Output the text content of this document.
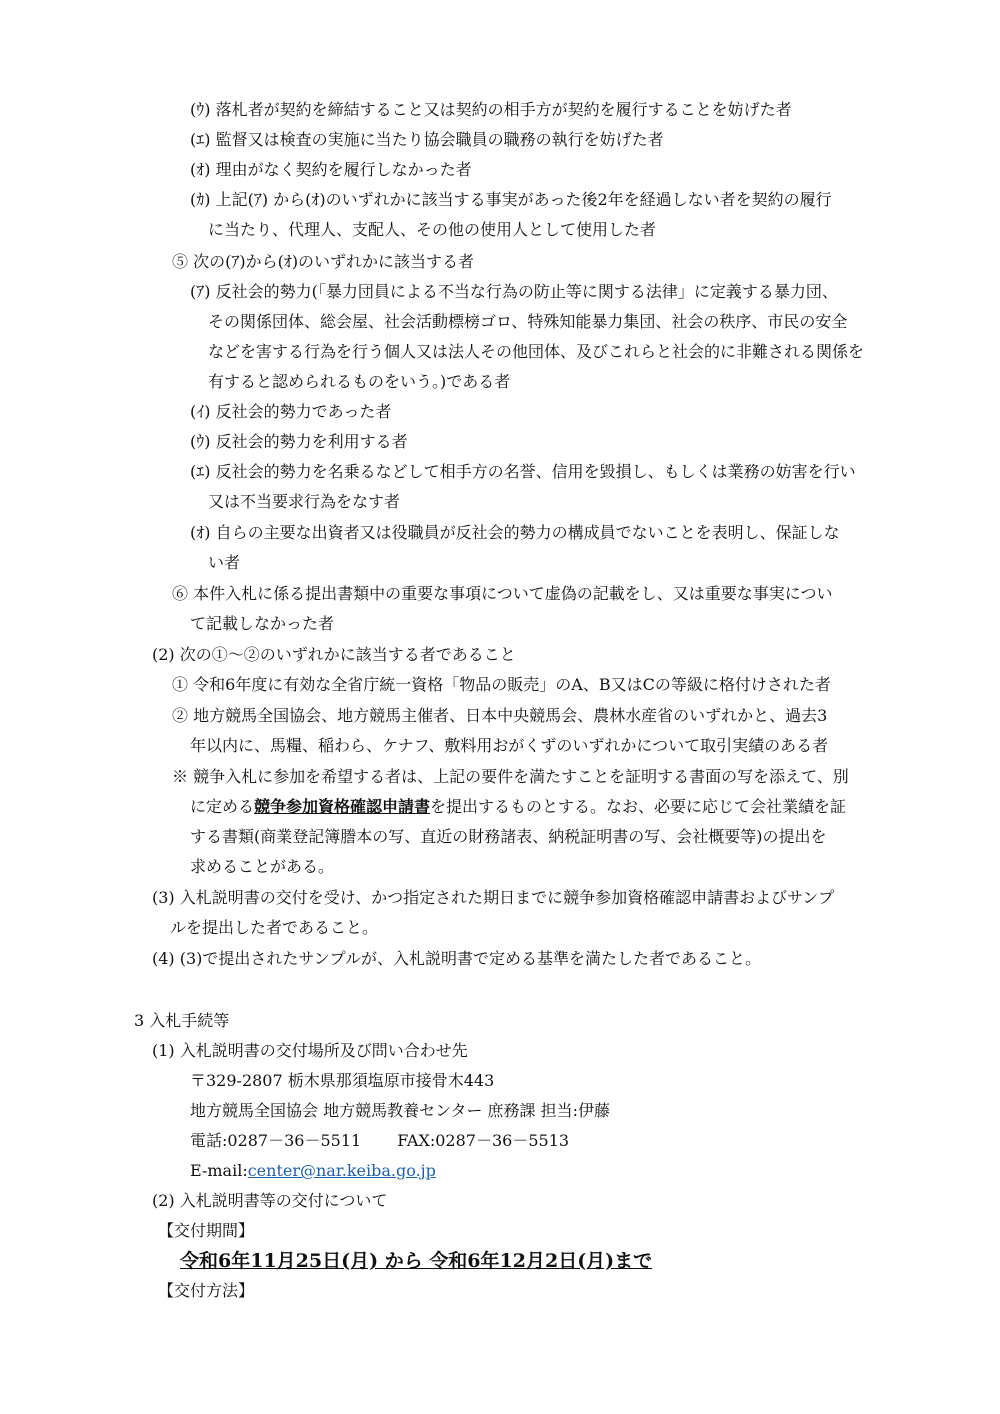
(ｳ) 落札者が契約を締結すること又は契約の相手方が契約を履行することを妨げた者
(ｴ) 監督又は検査の実施に当たり協会職員の職務の執行を妨げた者
(ｵ) 理由がなく契約を履行しなかった者
(ｶ) 上記(ｱ) から(ｵ)のいずれかに該当する事実があった後2年を経過しない者を契約の履行
に当たり、代理人、支配人、その他の使用人として使用した者
⑤ 次の(ｱ)から(ｵ)のいずれかに該当する者
(ｱ) 反社会的勢力(「暴力団員による不当な行為の防止等に関する法律」に定義する暴力団、
その関係団体、総会屋、社会活動標榜ゴロ、特殊知能暴力集団、社会の秩序、市民の安全
などを害する行為を行う個人又は法人その他団体、及びこれらと社会的に非難される関係を
有すると認められるものをいう。)である者
(ｲ) 反社会的勢力であった者
(ｳ) 反社会的勢力を利用する者
(ｴ) 反社会的勢力を名乗るなどして相手方の名誉、信用を毀損し、もしくは業務の妨害を行い
又は不当要求行為をなす者
(ｵ) 自らの主要な出資者又は役職員が反社会的勢力の構成員でないことを表明し、保証しな
い者
⑥ 本件入札に係る提出書類中の重要な事項について虚偽の記載をし、又は重要な事実につい
て記載しなかった者
(2) 次の①～②のいずれかに該当する者であること
① 令和6年度に有効な全省庁統一資格「物品の販売」のA、B又はCの等級に格付けされた者
② 地方競馬全国協会、地方競馬主催者、日本中央競馬会、農林水産省のいずれかと、過去3
年以内に、馬糧、稲わら、ケナフ、敷料用おがくずのいずれかについて取引実績のある者
※ 競争入札に参加を希望する者は、上記の要件を満たすことを証明する書面の写を添えて、別
に定める競争参加資格確認申請書を提出するものとする。なお、必要に応じて会社業績を証
する書類(商業登記簿謄本の写、直近の財務諸表、納税証明書の写、会社概要等)の提出を
求めることがある。
(3) 入札説明書の交付を受け、かつ指定された期日までに競争参加資格確認申請書およびサンプ
ルを提出した者であること。
(4) (3)で提出されたサンプルが、入札説明書で定める基準を満たした者であること。
3 入札手続等
(1) 入札説明書の交付場所及び問い合わせ先
〒329-2807 栃木県那須塩原市接骨木443
地方競馬全国協会 地方競馬教養センター 庶務課 担当:伊藤
電話:0287－36－5511 FAX:0287－36－5513
E-mail:center@nar.keiba.go.jp
(2) 入札説明書等の交付について
【交付期間】
令和6年11月25日(月) から 令和6年12月2日(月)まで
【交付方法】
